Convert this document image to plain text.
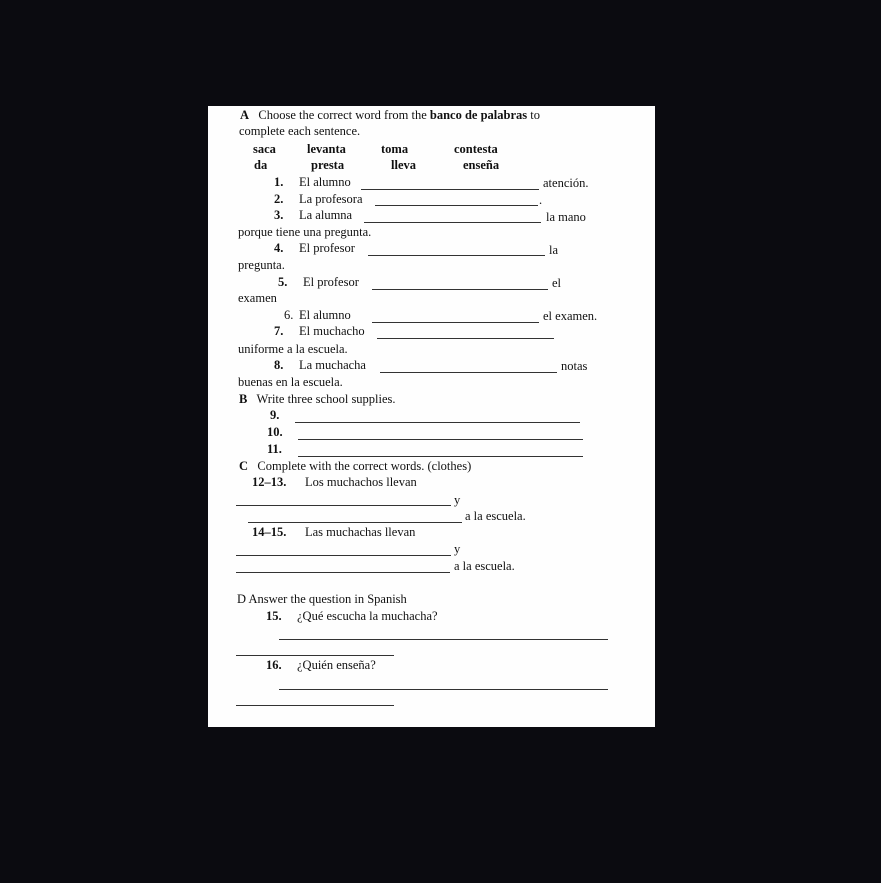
A Choose the correct word from the banco de palabras to
complete each sentence.
saca levanta	toma	contesta
da	presta	lleva	enseña
1. El alumno	atención.
2. La profesora	.
3. La alumna	la mano
porque tiene una pregunta.
4. El profesor	la
pregunta.
5. El profesor	el
examen
6. El alumno	el examen.
7. El muchacho
uniforme a la escuela.
8. La muchacha	notas
buenas en la escuela.
B Write three school supplies.
9.
10.
11.
C Complete with the correct words. (clothes)
12–13. Los muchachos llevan
y
a la escuela.
14–15. Las muchachas llevan
y
a la escuela.
D Answer the question in Spanish
15. ¿Qué escucha la muchacha?
16. ¿Quién enseña?
